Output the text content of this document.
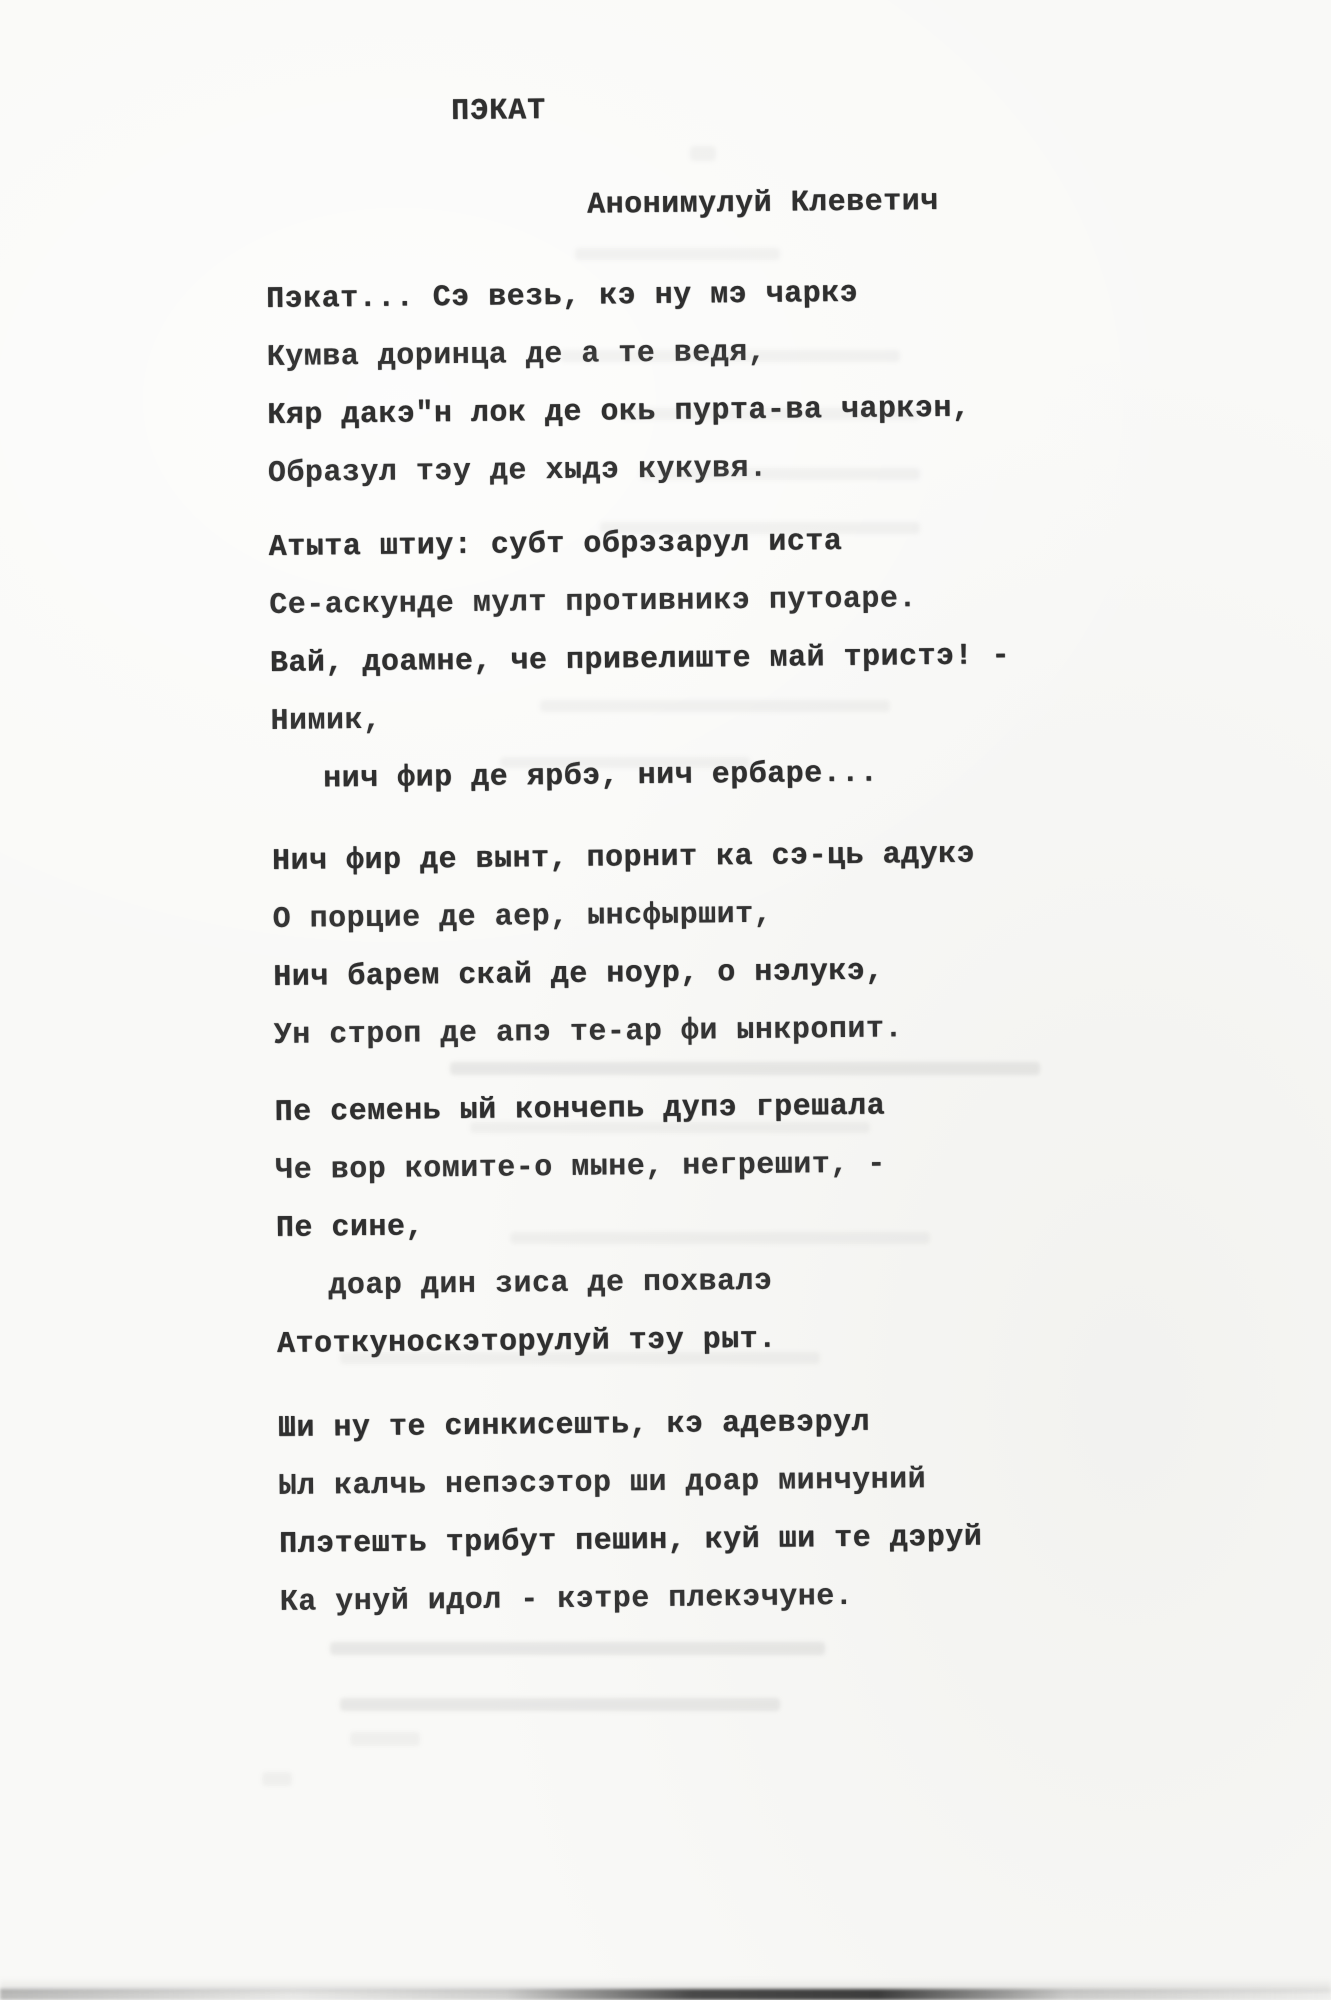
ПЭКАТ
Анонимулуй Клеветич
Пэкат... Сэ везь, кэ ну мэ чаркэ
Кумва доринца де а те ведя,
Кяр дакэ"н лок де окь пурта-ва чаркэн,
Образул тэу де хыдэ кукувя.
Атыта штиу: субт обрэзарул иста
Се-аскунде мулт противникэ путоаре.
Вай, доамне, че привелиште май тристэ! -
Нимик,
нич фир де ярбэ, нич ербаре...
Нич фир де вынт, порнит ка сэ-ць адукэ
О порцие де аер, ынсфыршит,
Нич барем скай де ноур, о нэлукэ,
Ун строп де апэ те-ар фи ынкропит.
Пе семень ый кончепь дупэ грешала
Че вор комите-о мыне, негрешит, -
Пе сине,
доар дин зиса де похвалэ
Атоткуноскэторулуй тэу рыт.
Ши ну те синкисешть, кэ адевэрул
Ыл калчь непэсэтор ши доар минчуний
Плэтешть трибут пешин, куй ши те дэруй
Ка унуй идол - кэтре плекэчуне.
